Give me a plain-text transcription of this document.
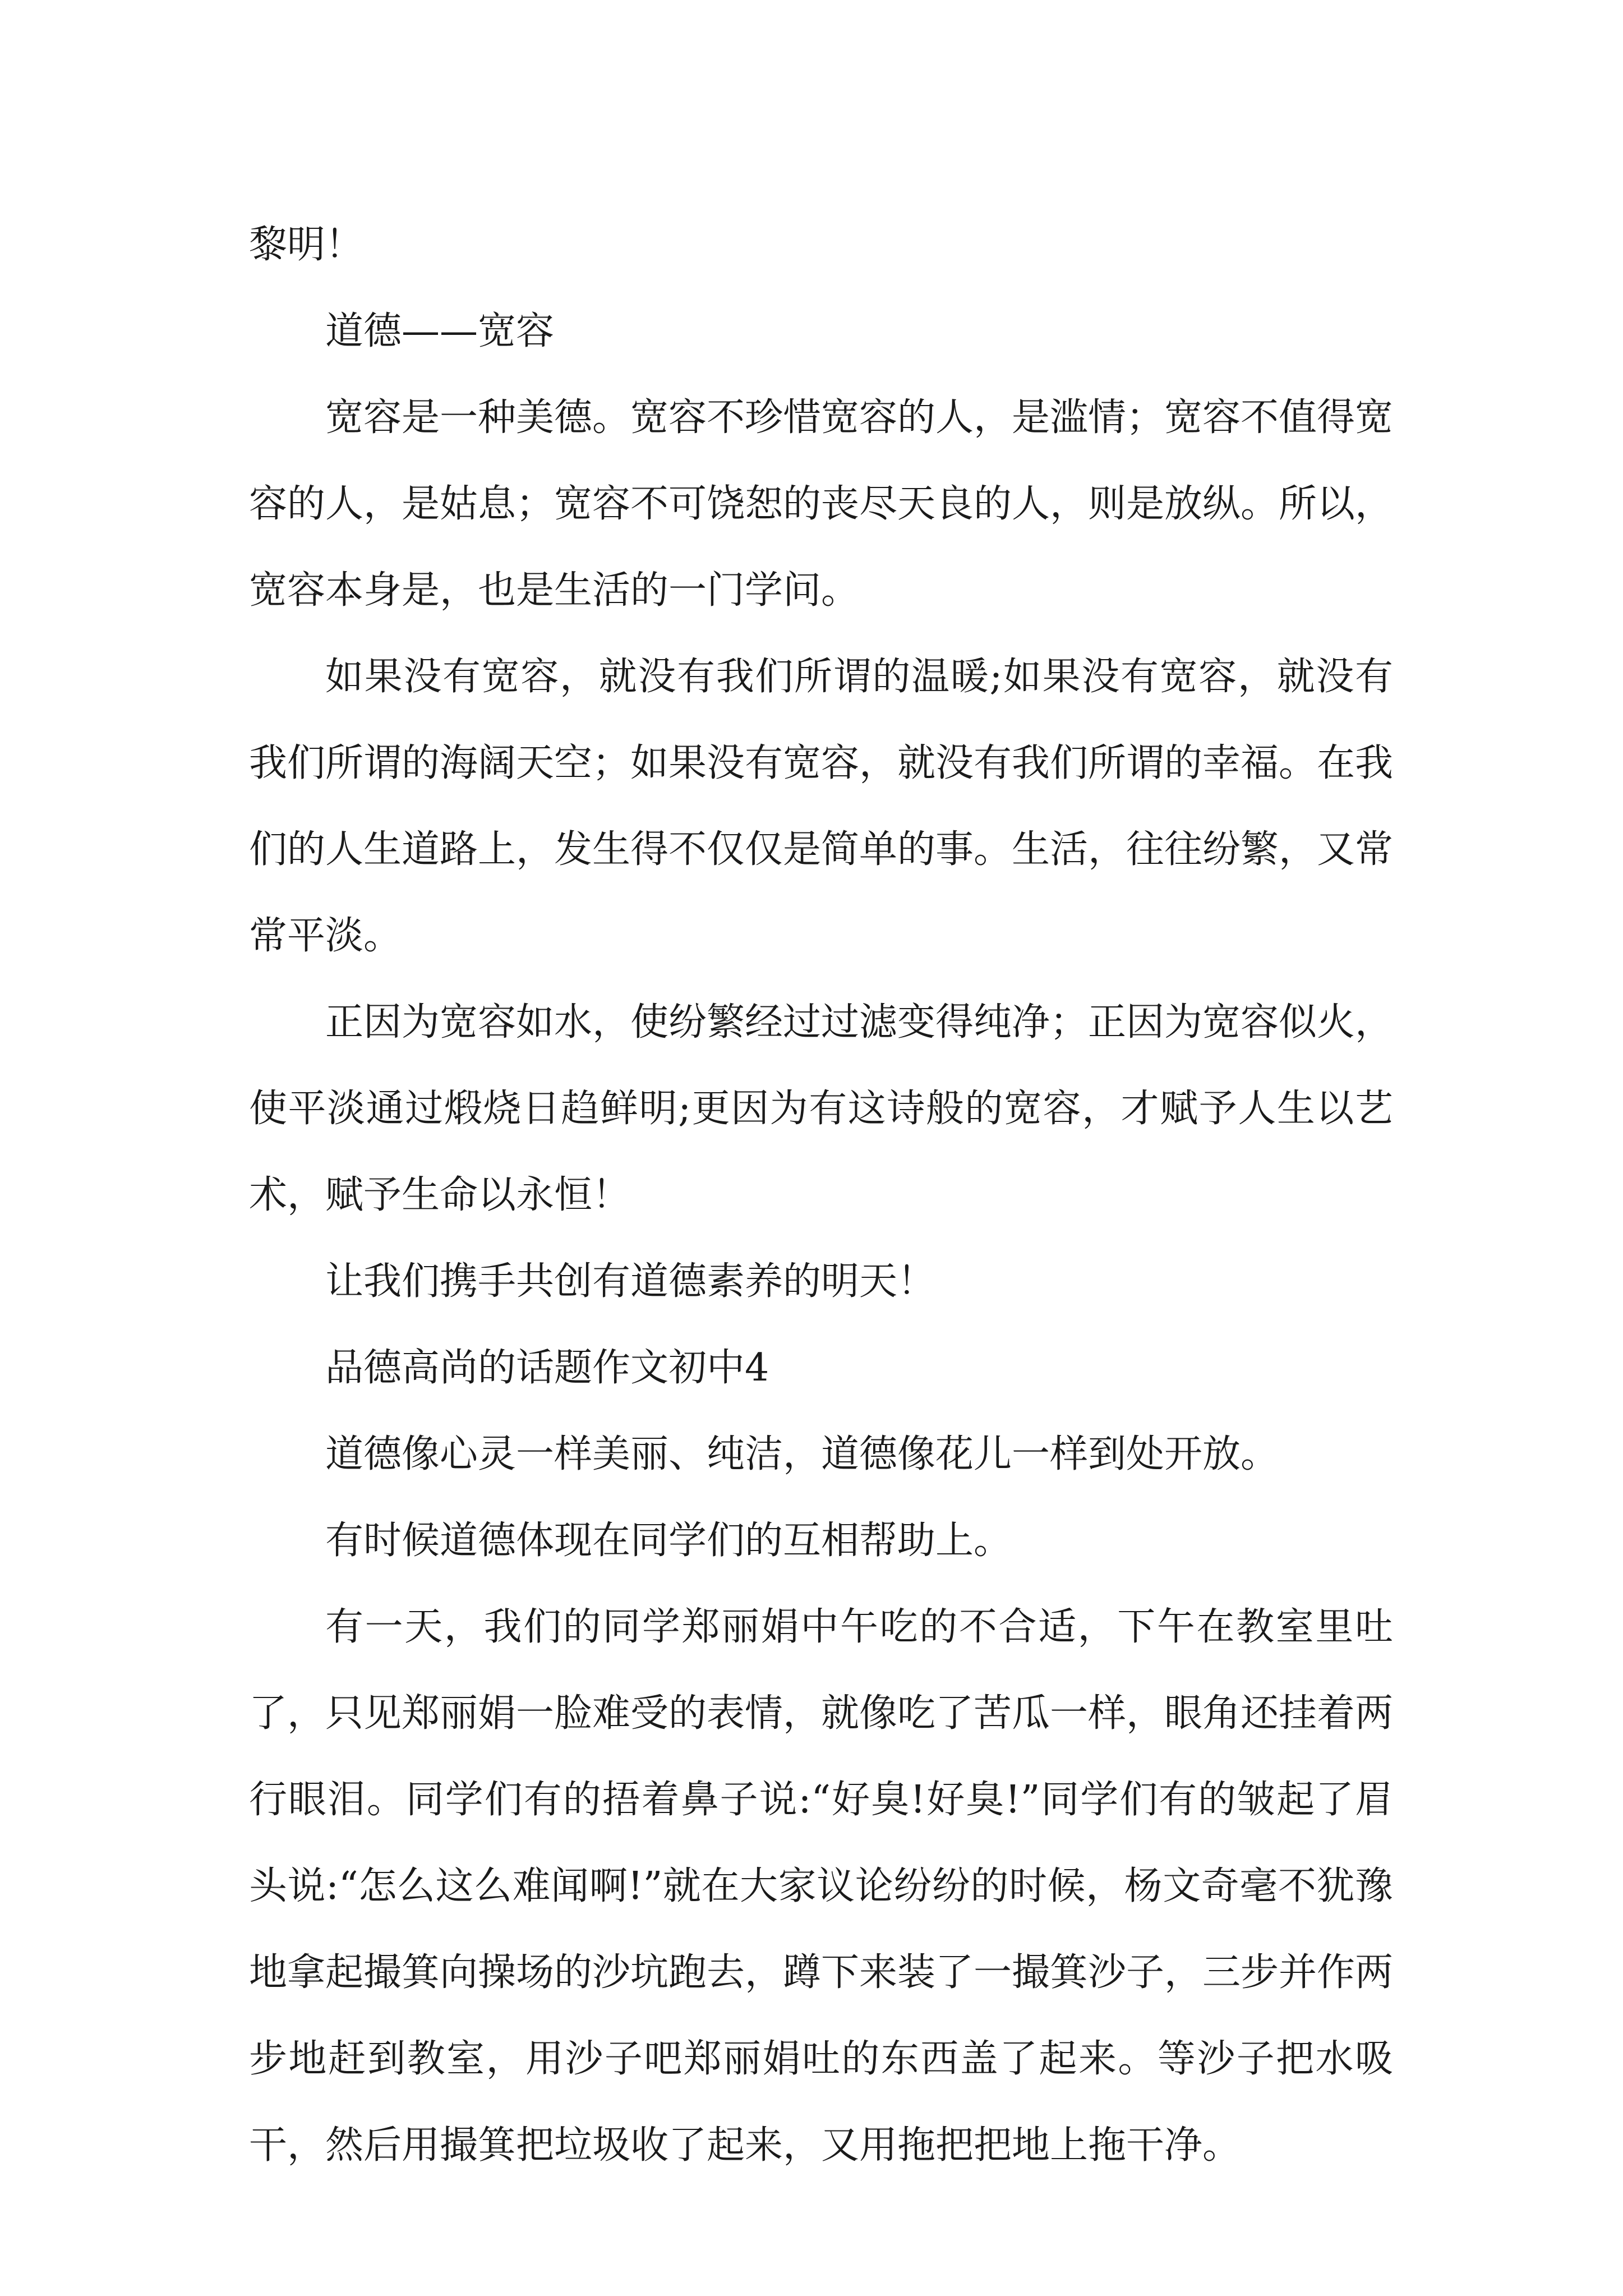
黎明！

道德——宽容

宽容是一种美德。宽容不珍惜宽容的人，是滥情；宽容不值得宽容的人，是姑息；宽容不可饶恕的丧尽天良的人，则是放纵。所以，宽容本身是，也是生活的一门学问。

如果没有宽容，就没有我们所谓的温暖;如果没有宽容，就没有我们所谓的海阔天空；如果没有宽容，就没有我们所谓的幸福。在我们的人生道路上，发生得不仅仅是简单的事。生活，往往纷繁，又常常平淡。

正因为宽容如水，使纷繁经过过滤变得纯净；正因为宽容似火，使平淡通过煅烧日趋鲜明;更因为有这诗般的宽容，才赋予人生以艺术，赋予生命以永恒！

让我们携手共创有道德素养的明天！

品德高尚的话题作文初中4

道德像心灵一样美丽、纯洁，道德像花儿一样到处开放。

有时候道德体现在同学们的互相帮助上。

有一天，我们的同学郑丽娟中午吃的不合适，下午在教室里吐了，只见郑丽娟一脸难受的表情，就像吃了苦瓜一样，眼角还挂着两行眼泪。同学们有的捂着鼻子说:“好臭!好臭!”同学们有的皱起了眉头说:“怎么这么难闻啊!”就在大家议论纷纷的时候，杨文奇毫不犹豫地拿起撮箕向操场的沙坑跑去，蹲下来装了一撮箕沙子，三步并作两步地赶到教室，用沙子吧郑丽娟吐的东西盖了起来。等沙子把水吸干，然后用撮箕把垃圾收了起来，又用拖把把地上拖干净。
